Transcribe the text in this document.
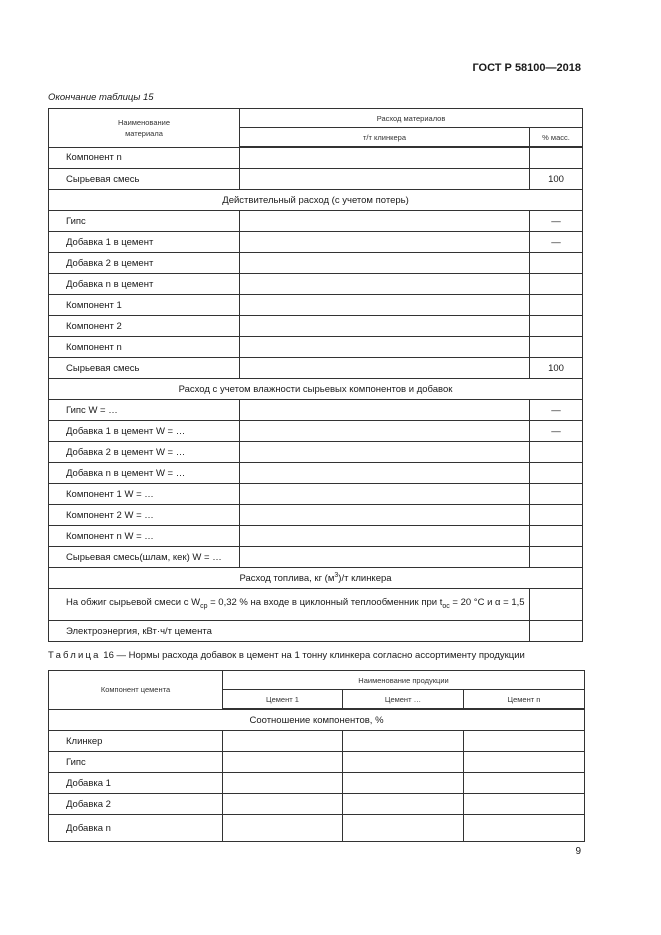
ГОСТ Р 58100—2018
Окончание таблицы 15
Наименование
материала	Расход материалов	
	т/т клинкера	% масс.
Компонент n		
Сырьевая смесь		100
Действительный расход (с учетом потерь)		
Гипс		—
Добавка 1 в цемент		—
Добавка 2 в цемент		
Добавка n в цемент		
Компонент 1		
Компонент 2		
Компонент n		
Сырьевая смесь		100
Расход с учетом влажности сырьевых компонентов и добавок		
Гипс W = …		—
Добавка 1 в цемент W = …		—
Добавка 2 в цемент W = …		
Добавка n в цемент W = …		
Компонент 1 W = …		
Компонент 2 W = …		
Компонент n W = …		
Сырьевая смесь(шлам, кек) W = …		
Расход топлива, кг $(м^3)/т$ клинкера		
На обжиг сырьевой смеси с $W_{ср} = 0,32$ % на входе в циклонный теплообменник при $t_{ос} = 20$ °С и α = 1,5		
Электроэнергия, кВт·ч/т цемента		
Таблица 16 — Нормы расхода добавок в цемент на 1 тонну клинкера согласно ассортименту продукции
Компонент цемента	Наименование продукции		
	Цемент 1	Цемент …	Цемент n
Соотношение компонентов, %			
Клинкер			
Гипс			
Добавка 1			
Добавка 2			
Добавка n			
9
